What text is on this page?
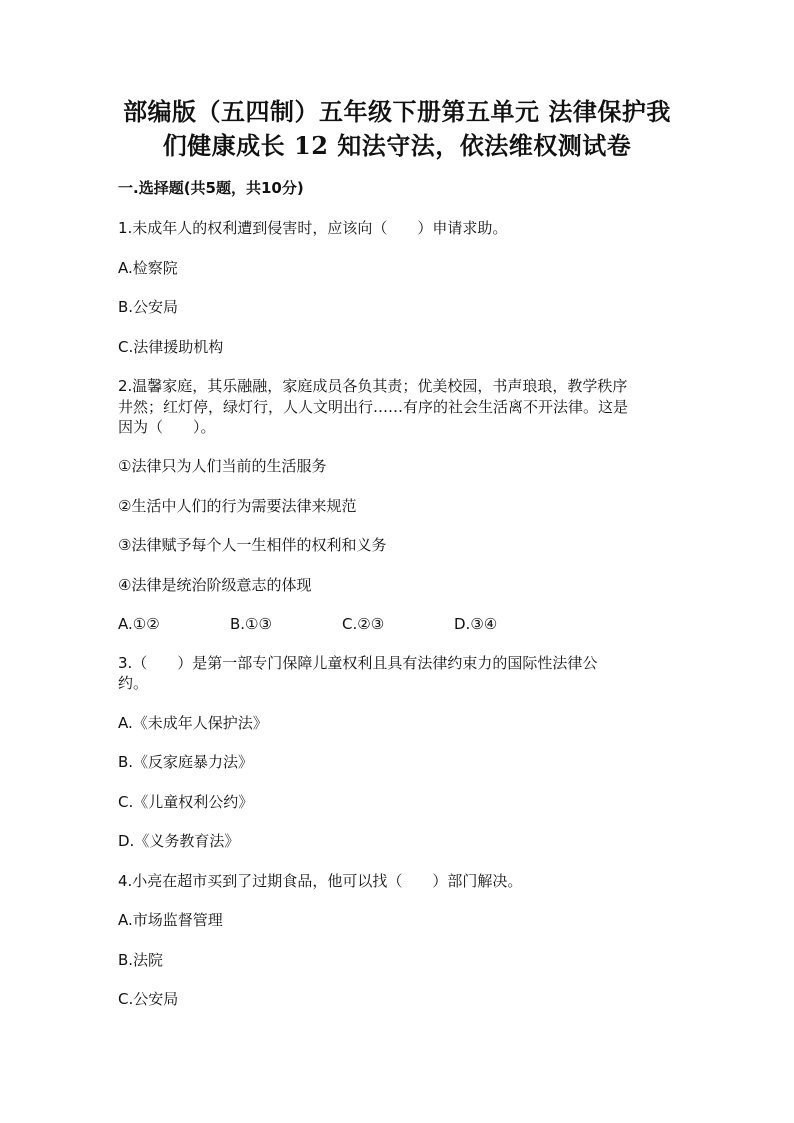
部编版（五四制）五年级下册第五单元 法律保护我
们健康成长 12 知法守法，依法维权测试卷
一.选择题(共5题，共10分)
1.未成年人的权利遭到侵害时，应该向（　　）申请求助。
A.检察院
B.公安局
C.法律援助机构
2.温馨家庭，其乐融融，家庭成员各负其责；优美校园，书声琅琅，教学秩序
井然；红灯停，绿灯行，人人文明出行……有序的社会生活离不开法律。这是
因为（　　）。
①法律只为人们当前的生活服务
②生活中人们的行为需要法律来规范
③法律赋予每个人一生相伴的权利和义务
④法律是统治阶级意志的体现
A.①②	B.①③	C.②③	D.③④
3.（　　）是第一部专门保障儿童权利且具有法律约束力的国际性法律公
约。
A.《未成年人保护法》
B.《反家庭暴力法》
C.《儿童权利公约》
D.《义务教育法》
4.小亮在超市买到了过期食品，他可以找（　　）部门解决。
A.市场监督管理
B.法院
C.公安局
